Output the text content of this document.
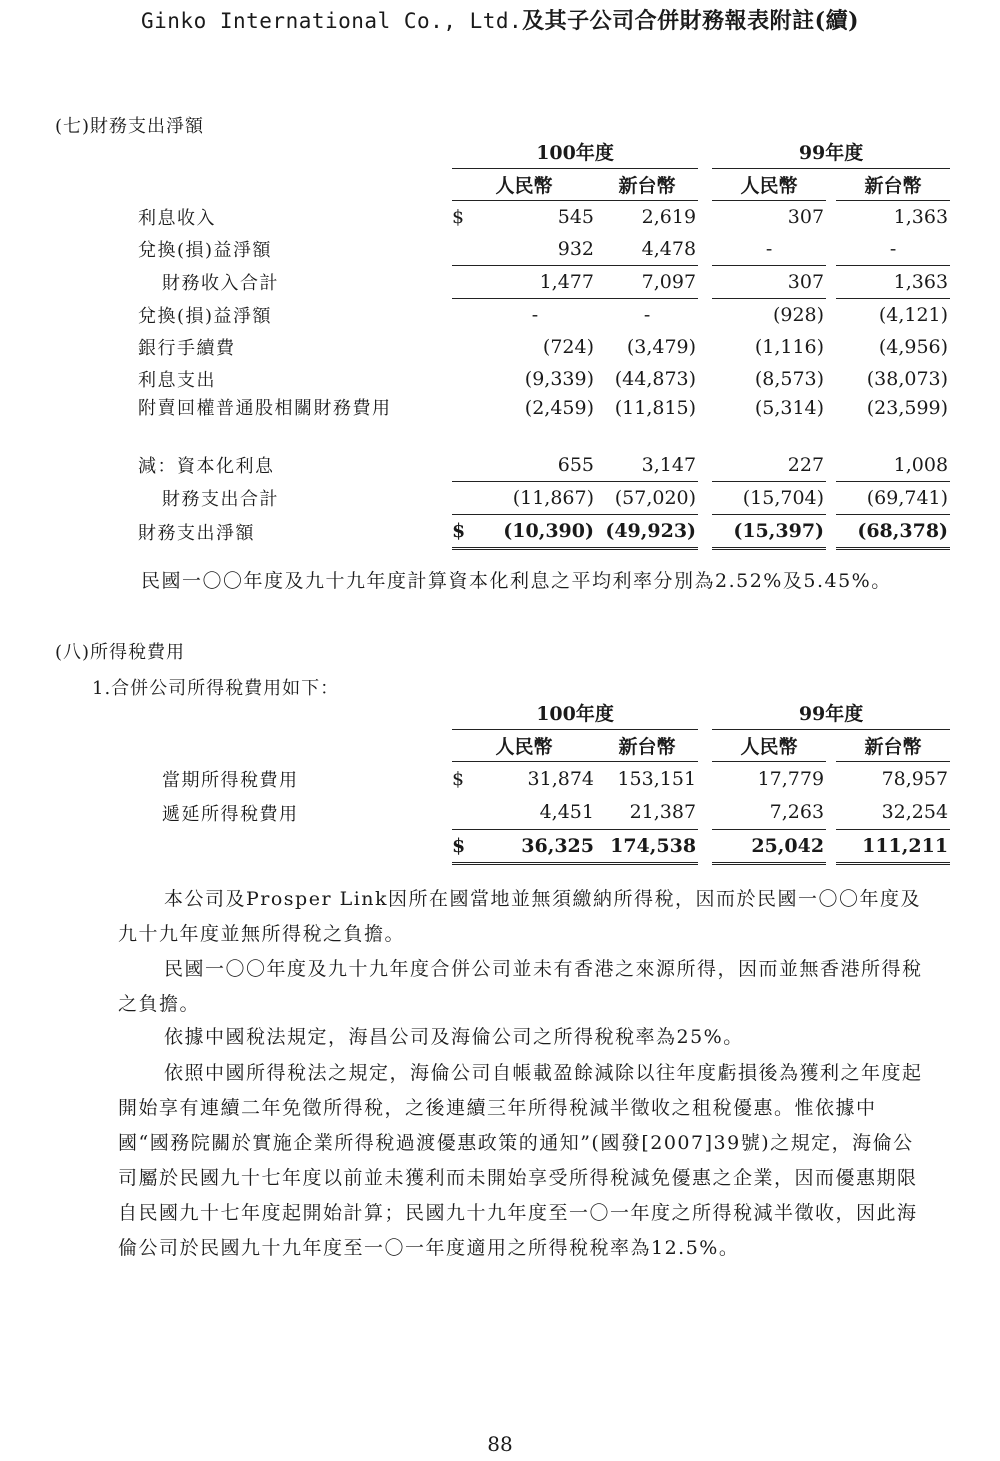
Ginko International Co., Ltd.及其子公司合併財務報表附註(續)
(七)財務支出淨額
	100年度				99年度		
	人民幣		新台幣		人民幣		新台幣
利息收入	$	545	2,619		307		1,363
兌換(損)益淨額		932	4,478		-		-
財務收入合計		1,477	7,097		307		1,363
兌換(損)益淨額		-	-		(928)		(4,121)
銀行手續費		(724)	(3,479)		(1,116)		(4,956)
利息支出		(9,339)	(44,873)		(8,573)		(38,073)
附賣回權普通股相關財務費用		(2,459)	(11,815)		(5,314)		(23,599)
減：資本化利息		655	3,147		227		1,008
財務支出合計		(11,867)	(57,020)		(15,704)		(69,741)
財務支出淨額	$	(10,390)	(49,923)		(15,397)		(68,378)
民國一〇〇年度及九十九年度計算資本化利息之平均利率分別為2.52%及5.45%。
(八)所得稅費用
1.合併公司所得稅費用如下：
	100年度				99年度		
	人民幣		新台幣		人民幣		新台幣
當期所得稅費用	$	31,874	153,151		17,779		78,957
遞延所得稅費用		4,451	21,387		7,263		32,254
	$	36,325	174,538		25,042		111,211
本公司及Prosper Link因所在國當地並無須繳納所得稅，因而於民國一〇〇年度及九十九年度並無所得稅之負擔。
民國一〇〇年度及九十九年度合併公司並未有香港之來源所得，因而並無香港所得稅之負擔。
依據中國稅法規定，海昌公司及海倫公司之所得稅稅率為25%。
依照中國所得稅法之規定，海倫公司自帳載盈餘減除以往年度虧損後為獲利之年度起開始享有連續二年免徵所得稅，之後連續三年所得稅減半徵收之租稅優惠。惟依據中國“國務院關於實施企業所得稅過渡優惠政策的通知”(國發[2007]39號)之規定，海倫公司屬於民國九十七年度以前並未獲利而未開始享受所得稅減免優惠之企業，因而優惠期限自民國九十七年度起開始計算；民國九十九年度至一〇一年度之所得稅減半徵收，因此海倫公司於民國九十九年度至一〇一年度適用之所得稅稅率為12.5%。
88
